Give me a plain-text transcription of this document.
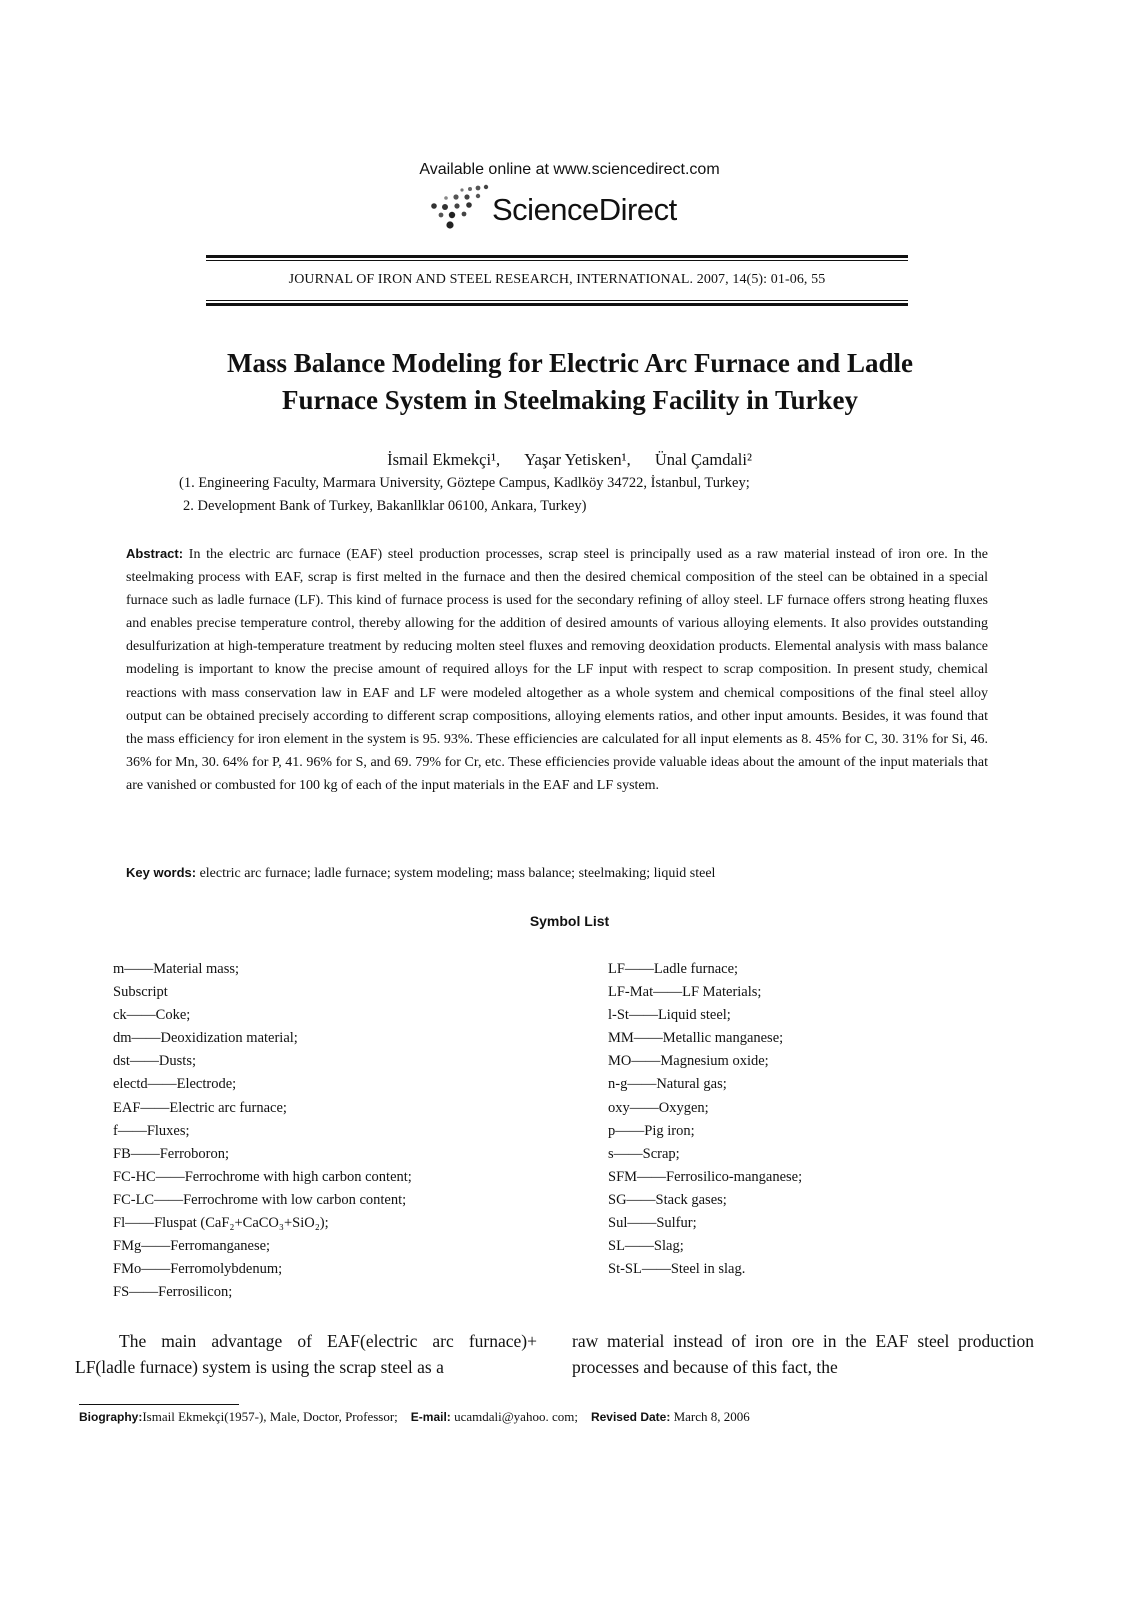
Available online at www.sciencedirect.com
ScienceDirect
JOURNAL OF IRON AND STEEL RESEARCH, INTERNATIONAL. 2007, 14(5): 01-06, 55
Mass Balance Modeling for Electric Arc Furnace and Ladle
Furnace System in Steelmaking Facility in Turkey
İsmail Ekmekçi¹, Yaşar Yetisken¹, Ünal Çamdali²
(1. Engineering Faculty, Marmara University, Göztepe Campus, Kadlköy 34722, İstanbul, Turkey;
2. Development Bank of Turkey, Bakanllklar 06100, Ankara, Turkey)
Abstract: In the electric arc furnace (EAF) steel production processes, scrap steel is principally used as a raw material instead of iron ore. In the steelmaking process with EAF, scrap is first melted in the furnace and then the desired chemical composition of the steel can be obtained in a special furnace such as ladle furnace (LF). This kind of furnace process is used for the secondary refining of alloy steel. LF furnace offers strong heating fluxes and enables precise temperature control, thereby allowing for the addition of desired amounts of various alloying elements. It also provides outstanding desulfurization at high-temperature treatment by reducing molten steel fluxes and removing deoxidation products. Elemental analysis with mass balance modeling is important to know the precise amount of required alloys for the LF input with respect to scrap composition. In present study, chemical reactions with mass conservation law in EAF and LF were modeled altogether as a whole system and chemical compositions of the final steel alloy output can be obtained precisely according to different scrap compositions, alloying elements ratios, and other input amounts. Besides, it was found that the mass efficiency for iron element in the system is 95. 93%. These efficiencies are calculated for all input elements as 8. 45% for C, 30. 31% for Si, 46. 36% for Mn, 30. 64% for P, 41. 96% for S, and 69. 79% for Cr, etc. These efficiencies provide valuable ideas about the amount of the input materials that are vanished or combusted for 100 kg of each of the input materials in the EAF and LF system.
Key words: electric arc furnace; ladle furnace; system modeling; mass balance; steelmaking; liquid steel
Symbol List
m——Material mass;
Subscript
ck——Coke;
dm——Deoxidization material;
dst——Dusts;
electd——Electrode;
EAF——Electric arc furnace;
f——Fluxes;
FB——Ferroboron;
FC-HC——Ferrochrome with high carbon content;
FC-LC——Ferrochrome with low carbon content;
Fl——Fluspat (CaF₂+CaCO₃+SiO₂);
FMg——Ferromanganese;
FMo——Ferromolybdenum;
FS——Ferrosilicon;
LF——Ladle furnace;
LF-Mat——LF Materials;
l-St——Liquid steel;
MM——Metallic manganese;
MO——Magnesium oxide;
n-g——Natural gas;
oxy——Oxygen;
p——Pig iron;
s——Scrap;
SFM——Ferrosilico-manganese;
SG——Stack gases;
Sul——Sulfur;
SL——Slag;
St-SL——Steel in slag.
The main advantage of EAF(electric arc furnace)+ LF(ladle furnace) system is using the scrap steel as a
raw material instead of iron ore in the EAF steel production processes and because of this fact, the
Biography:Ismail Ekmekçi(1957-), Male, Doctor, Professor; E-mail: ucamdali@yahoo. com; Revised Date: March 8, 2006
